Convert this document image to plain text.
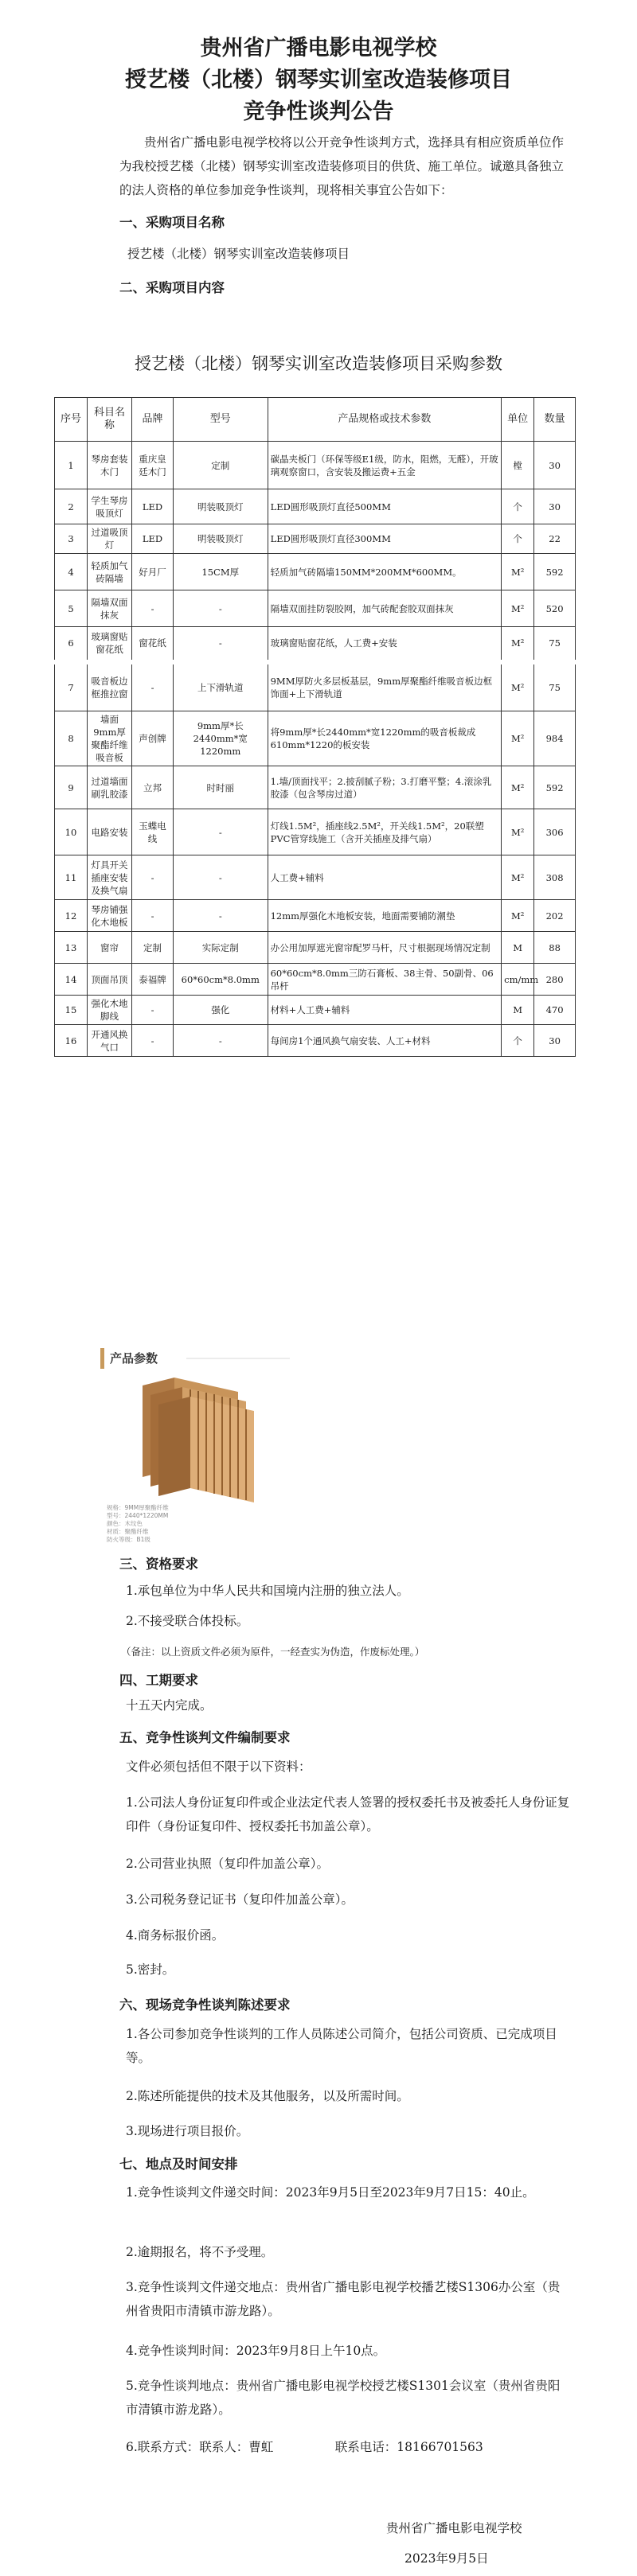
贵州省广播电影电视学校
授艺楼（北楼）钢琴实训室改造装修项目
竞争性谈判公告
贵州省广播电影电视学校将以公开竞争性谈判方式，选择具有相应资质单位作为我校授艺楼（北楼）钢琴实训室改造装修项目的供货、施工单位。诚邀具备独立的法人资格的单位参加竞争性谈判，现将相关事宜公告如下：
一、采购项目名称
授艺楼（北楼）钢琴实训室改造装修项目
二、采购项目内容
授艺楼（北楼）钢琴实训室改造装修项目采购参数
序号	科目名称	品牌	型号	产品规格或技术参数	单位	数量
1	琴房套装木门	重庆皇廷木门	定制	碳晶夹板门（环保等级E1级，防水，阻燃，无醛），开玻璃观察窗口，含安装及搬运费+五金	樘	30
2	学生琴房吸顶灯	LED	明装吸顶灯	LED圆形吸顶灯直径500MM	个	30
3	过道吸顶灯	LED	明装吸顶灯	LED圆形吸顶灯直径300MM	个	22
4	轻质加气砖隔墙	好月厂	15CM厚	轻质加气砖隔墙150MM*200MM*600MM。	M²	592
5	隔墙双面抹灰	-	-	隔墙双面挂防裂胶网，加气砖配套胶双面抹灰	M²	520
6	玻璃窗贴窗花纸	窗花纸	-	玻璃窗贴窗花纸，人工费+安装	M²	75
7	吸音板边框推拉窗	-	上下滑轨道	9MM厚防火多层板基层，9mm厚聚酯纤维吸音板边框饰面+上下滑轨道	M²	75
8	墙面9mm厚聚酯纤维吸音板	声创牌	9mm厚*长2440mm*宽1220mm	将9mm厚*长2440mm*宽1220mm的吸音板裁成610mm*1220的板安装	M²	984
9	过道墙面刷乳胶漆	立邦	时时丽	1.墙/顶面找平；2.披刮腻子粉；3.打磨平整；4.滚涂乳胶漆（包含琴房过道）	M²	592
10	电路安装	玉蝶电线	-	灯线1.5M²，插座线2.5M²，开关线1.5M²，20联塑PVC管穿线施工（含开关插座及排气扇）	M²	306
11	灯具开关插座安装及换气扇	-	-	人工费+辅料	M²	308
12	琴房铺强化木地板	-	-	12mm厚强化木地板安装，地面需要铺防潮垫	M²	202
13	窗帘	定制	实际定制	办公用加厚遮光窗帘配罗马杆，尺寸根据现场情况定制	M	88
14	顶面吊顶	泰福牌	60*60cm*8.0mm	60*60cm*8.0mm三防石膏板、38主骨、50副骨、06吊杆	cm/mm	280
15	强化木地脚线	-	强化	材料+人工费+辅料	M	470
16	开通风换气口	-	-	每间房1个通风换气扇安装、人工+材料	个	30
产品参数
规格：9MM厚聚酯纤维
型号：2440*1220MM
颜色：木纹色
材质：聚酯纤维
防火等级：B1级
三、资格要求
1.承包单位为中华人民共和国境内注册的独立法人。
2.不接受联合体投标。
（备注：以上资质文件必须为原件，一经查实为伪造，作废标处理。）
四、工期要求
十五天内完成。
五、竞争性谈判文件编制要求
文件必须包括但不限于以下资料：
1.公司法人身份证复印件或企业法定代表人签署的授权委托书及被委托人身份证复印件（身份证复印件、授权委托书加盖公章）。
2.公司营业执照（复印件加盖公章）。
3.公司税务登记证书（复印件加盖公章）。
4.商务标报价函。
5.密封。
六、现场竞争性谈判陈述要求
1.各公司参加竞争性谈判的工作人员陈述公司简介，包括公司资质、已完成项目等。
2.陈述所能提供的技术及其他服务，以及所需时间。
3.现场进行项目报价。
七、地点及时间安排
1.竞争性谈判文件递交时间：2023年9月5日至2023年9月7日15：40止。
2.逾期报名，将不予受理。
3.竞争性谈判文件递交地点：贵州省广播电影电视学校播艺楼S1306办公室（贵州省贵阳市清镇市游龙路）。
4.竞争性谈判时间：2023年9月8日上午10点。
5.竞争性谈判地点：贵州省广播电影电视学校授艺楼S1301会议室（贵州省贵阳市清镇市游龙路）。
6.联系方式：联系人：曹虹　　　　　联系电话：18166701563
贵州省广播电影电视学校
2023年9月5日
